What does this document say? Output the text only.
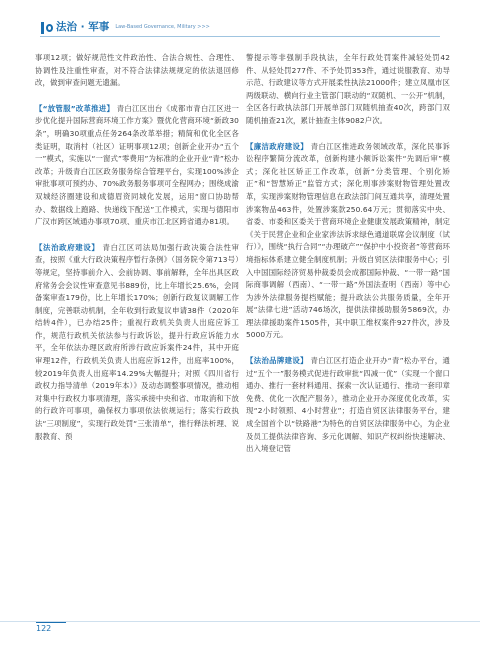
法治 · 军事 Law-Based Governance, Military >>>

事项12项；做好规范性文件政治性、合法合规性、合理性、协调性及注重性审查，对不符合法律法规规定的依法退回修改，做到审查问题无遗漏。

【“放管服”改革推进】 青白江区出台《成都市青白江区进一步优化提升国际营商环境工作方案》暨优化营商环境“新政30条”，明确30项重点任务264条改革举措；精简和优化全区各类证明，取消村（社区）证明事项12项；创新企业开办“五个一”模式，实施以“一窗式”零费用”为标准的企业开业“青”松办改革；升级青白江区政务服务综合管理平台，实现100%涉企审批事项可预约办、70%政务服务事项可全程网办；围绕成渝双城经济圈建设和成德眉资同城化发展，运用“窗口协助帮办、数据线上跑路、快递线下配送”工作模式，实现与德阳市广汉市跨区域通办事项70项、重庆市江北区跨省通办81项。

【法治政府建设】 青白江区司法局加强行政决策合法性审查，按照《重大行政决策程序暂行条例》（国务院令第713号）等规定，坚持事前介入、会前协调、事前解释，全年出具区政府常务会会议性审查意见书889份，比上年增长25.6%，会同备案审查179份，比上年增长170%；创新行政复议调解工作制度，完善联动机制，全年收到行政复议申请38件（2020年结转4件），已办结25件；重视行政机关负责人出庭应诉工作，规范行政机关依法参与行政诉讼，提升行政应诉能力水平，全年依法办理区政府所涉行政应诉案件24件，其中开庭审理12件，行政机关负责人出庭应诉12件，出庭率100%，较2019年负责人出庭率14.29%大幅提升；对照《四川省行政权力指导清单（2019年本）》及动态调整事项情况，推动相对集中行政权力事项清理，落实承接中央和省、市取消和下放的行政许可事项，确保权力事项依法依规运行；落实行政执法“三项制度”，实现行政处罚“三张清单”，推行释法析理、说服教育、预

警提示等非强制手段执法，全年行政处罚案件减轻处罚42件、从轻处罚277件、不予处罚353件，通过说服教育、劝导示范、行政建议等方式开展柔性执法21000件；建立凤凰市区两级联动、横向行业主管部门联动的“双随机、一公开”机制，全区各行政执法部门开展单部门双随机抽查40次，跨部门双随机抽查21次，累计抽查主体9082户次。

【廉洁政府建设】 青白江区推进政务领域改革，深化民事诉讼程序繁简分流改革，创新构建小额诉讼案件“先调后审”模式；深化社区矫正工作改革，创新“分类管理、个别化矫正”和“智慧矫正”监管方式；深化刑事涉案财物管理处置改革，实现涉案财物管理信息在政法部门间互通共享，清理处置涉案物品463件，处置涉案款250.64万元；贯彻落实中央、省委、市委和区委关于营商环境企业健康发展政策精神，制定《关于民营企业和企业家涉法诉求绿色通道联席会议制度（试行）》，围绕“执行合同”“办理破产”“保护中小投资者”等营商环境指标体系建立健全制度机制；升级自贸区法律服务中心；引入中国国际经济贸易仲裁委员会成都国际仲裁、“一带一路”国际商事调解（西南）、“一带一路”外国法查明（西南）等中心为涉外法律服务提档赋能；提升政法公共服务质量，全年开展“法律七进”活动746场次，提供法律援助服务5869次，办理法律援助案件1505件，其中职工维权案件927件次，涉及5000万元。

【法治品牌建设】 青白江区打造企业开办“青”松办平台，通过“五个一”服务模式促进行政审批“四减一优”（实现一个窗口通办、推行一套材料通用、探索一次认证通行、推动一套印章免费、优化一次配产服务），推动企业开办深度优化改革，实现“2小时领照、4小时营业”；打造自贸区法律服务平台，建成全国首个以“铁路港”为特色的自贸区法律服务中心，为企业及员工提供法律咨询、多元化调解、知识产权纠纷快速解决、出入境登记管

122
